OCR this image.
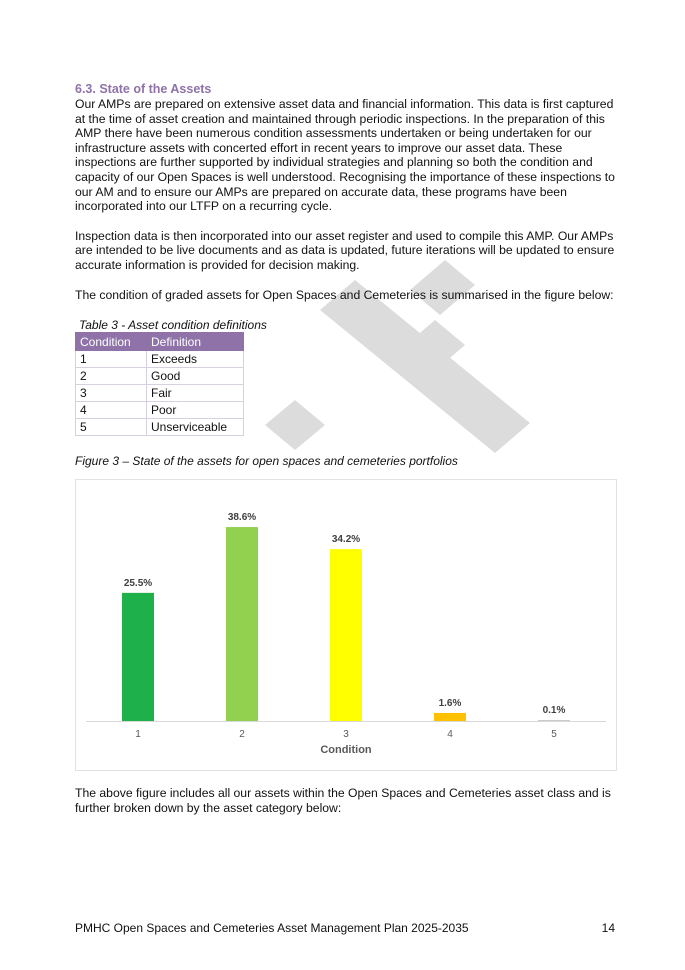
6.3. State of the Assets

Our AMPs are prepared on extensive asset data and financial information. This data is first captured at the time of asset creation and maintained through periodic inspections. In the preparation of this AMP there have been numerous condition assessments undertaken or being undertaken for our infrastructure assets with concerted effort in recent years to improve our asset data. These inspections are further supported by individual strategies and planning so both the condition and capacity of our Open Spaces is well understood. Recognising the importance of these inspections to our AM and to ensure our AMPs are prepared on accurate data, these programs have been incorporated into our LTFP on a recurring cycle.

Inspection data is then incorporated into our asset register and used to compile this AMP. Our AMPs are intended to be live documents and as data is updated, future iterations will be updated to ensure accurate information is provided for decision making.

The condition of graded assets for Open Spaces and Cemeteries is summarised in the figure below:

Table 3 - Asset condition definitions
Condition	Definition
1	Exceeds
2	Good
3	Fair
4	Poor
5	Unserviceable
Figure 3 – State of the assets for open spaces and cemeteries portfolios
25.5%
1
38.6%
2
34.2%
3
1.6%
4
0.1%
5
Condition

The above figure includes all our assets within the Open Spaces and Cemeteries asset class and is further broken down by the asset category below:

PMHC Open Spaces and Cemeteries Asset Management Plan 2025-2035	14
